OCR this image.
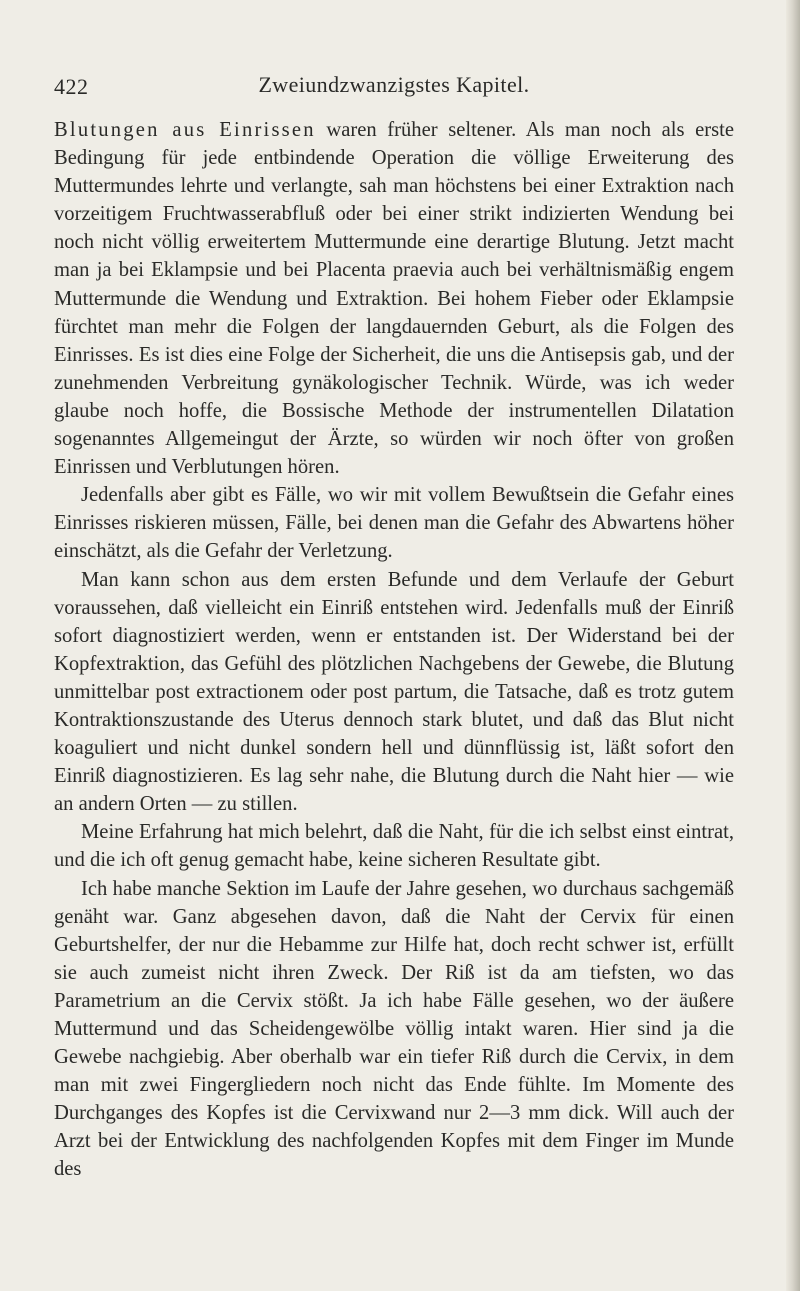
422	Zweiundzwanzigstes Kapitel.

Blutungen aus Einrissen waren früher seltener. Als man noch als erste Bedingung für jede entbindende Operation die völlige Erweiterung des Muttermundes lehrte und verlangte, sah man höchstens bei einer Extraktion nach vorzeitigem Fruchtwasserabfluß oder bei einer strikt indizierten Wendung bei noch nicht völlig erweitertem Muttermunde eine derartige Blutung. Jetzt macht man ja bei Eklampsie und bei Placenta praevia auch bei verhältnismäßig engem Muttermunde die Wendung und Extraktion. Bei hohem Fieber oder Eklampsie fürchtet man mehr die Folgen der langdauernden Geburt, als die Folgen des Einrisses. Es ist dies eine Folge der Sicherheit, die uns die Antisepsis gab, und der zunehmenden Verbreitung gynäkologischer Technik. Würde, was ich weder glaube noch hoffe, die Bossische Methode der instrumentellen Dilatation sogenanntes Allgemeingut der Ärzte, so würden wir noch öfter von großen Einrissen und Verblutungen hören.

Jedenfalls aber gibt es Fälle, wo wir mit vollem Bewußtsein die Gefahr eines Einrisses riskieren müssen, Fälle, bei denen man die Gefahr des Abwartens höher einschätzt, als die Gefahr der Verletzung.

Man kann schon aus dem ersten Befunde und dem Verlaufe der Geburt voraussehen, daß vielleicht ein Einriß entstehen wird. Jedenfalls muß der Einriß sofort diagnostiziert werden, wenn er entstanden ist. Der Widerstand bei der Kopfextraktion, das Gefühl des plötzlichen Nachgebens der Gewebe, die Blutung unmittelbar post extractionem oder post partum, die Tatsache, daß es trotz gutem Kontraktionszustande des Uterus dennoch stark blutet, und daß das Blut nicht koaguliert und nicht dunkel sondern hell und dünnflüssig ist, läßt sofort den Einriß diagnostizieren. Es lag sehr nahe, die Blutung durch die Naht hier — wie an andern Orten — zu stillen.

Meine Erfahrung hat mich belehrt, daß die Naht, für die ich selbst einst eintrat, und die ich oft genug gemacht habe, keine sicheren Resultate gibt.

Ich habe manche Sektion im Laufe der Jahre gesehen, wo durchaus sachgemäß genäht war. Ganz abgesehen davon, daß die Naht der Cervix für einen Geburtshelfer, der nur die Hebamme zur Hilfe hat, doch recht schwer ist, erfüllt sie auch zumeist nicht ihren Zweck. Der Riß ist da am tiefsten, wo das Parametrium an die Cervix stößt. Ja ich habe Fälle gesehen, wo der äußere Muttermund und das Scheidengewölbe völlig intakt waren. Hier sind ja die Gewebe nachgiebig. Aber oberhalb war ein tiefer Riß durch die Cervix, in dem man mit zwei Fingergliedern noch nicht das Ende fühlte. Im Momente des Durchganges des Kopfes ist die Cervixwand nur 2—3 mm dick. Will auch der Arzt bei der Entwicklung des nachfolgenden Kopfes mit dem Finger im Munde des
